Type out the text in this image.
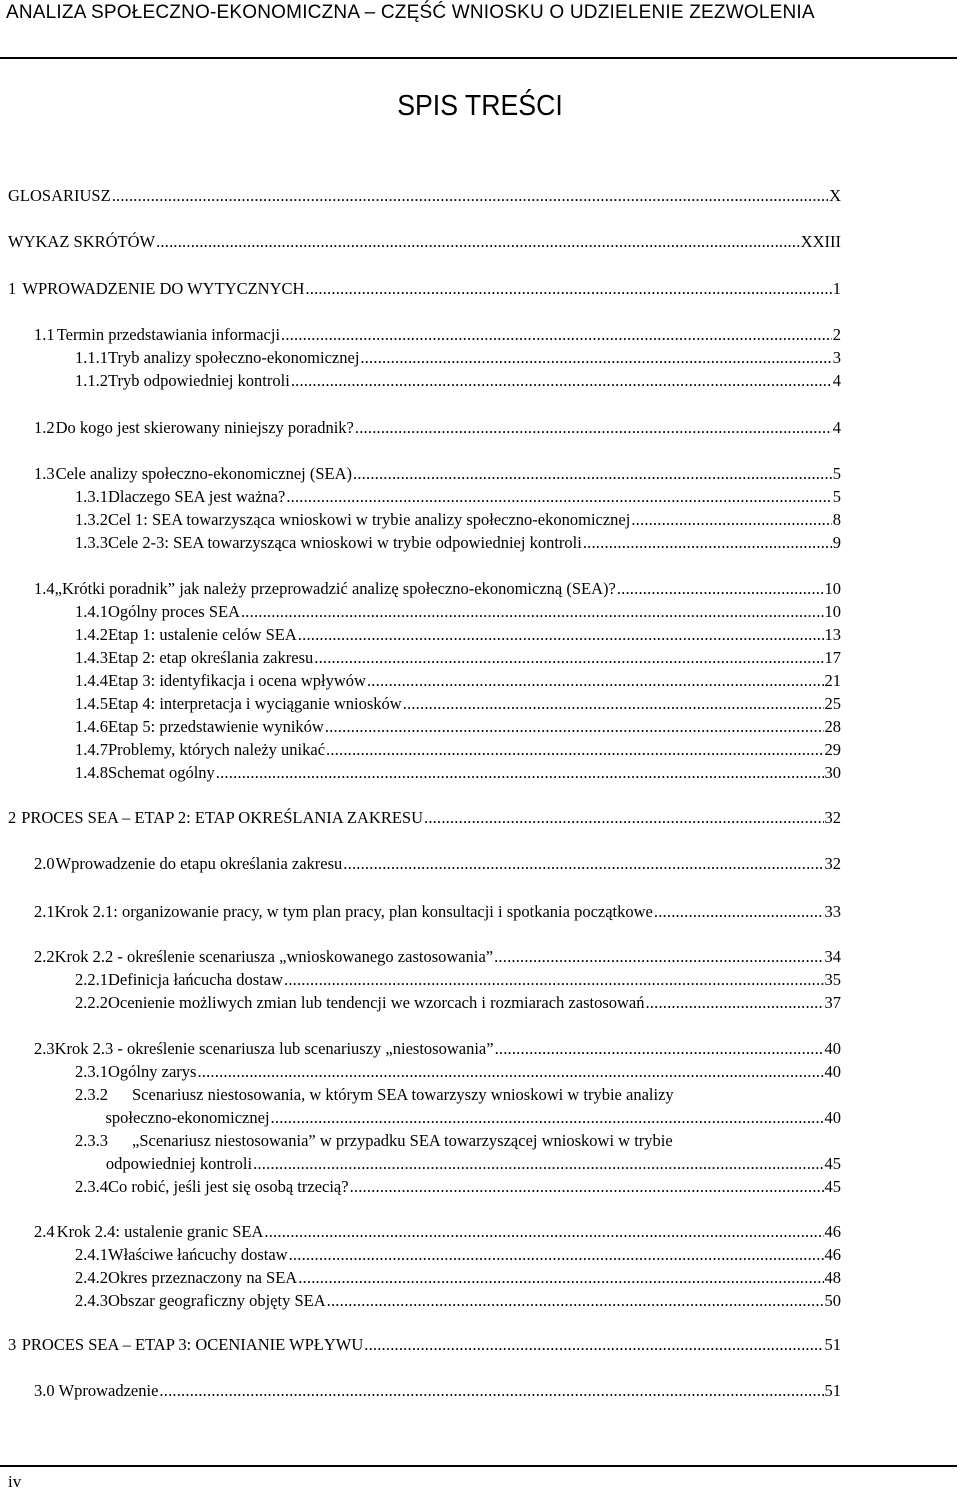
ANALIZA SPOŁECZNO-EKONOMICZNA – CZĘŚĆ WNIOSKU O UDZIELENIE ZEZWOLENIA
SPIS TREŚCI
GLOSARIUSZ .....	X
WYKAZ SKRÓTÓW .....	XXIII
1 WPROWADZENIE DO WYTYCZNYCH .....	1
1.1 Termin przedstawiania informacji .....	2
1.1.1 Tryb analizy społeczno-ekonomicznej .....	3
1.1.2 Tryb odpowiedniej kontroli .....	4
1.2 Do kogo jest skierowany niniejszy poradnik? .....	4
1.3 Cele analizy społeczno-ekonomicznej (SEA) .....	5
1.3.1 Dlaczego SEA jest ważna? .....	5
1.3.2 Cel 1: SEA towarzysząca wnioskowi w trybie analizy społeczno-ekonomicznej .....	8
1.3.3 Cele 2-3: SEA towarzysząca wnioskowi w trybie odpowiedniej kontroli .....	9
1.4 „Krótki poradnik” jak należy przeprowadzić analizę społeczno-ekonomiczną (SEA)? .....	10
1.4.1 Ogólny proces SEA .....	10
1.4.2 Etap 1: ustalenie celów SEA .....	13
1.4.3 Etap 2: etap określania zakresu .....	17
1.4.4 Etap 3: identyfikacja i ocena wpływów .....	21
1.4.5 Etap 4: interpretacja i wyciąganie wniosków .....	25
1.4.6 Etap 5: przedstawienie wyników .....	28
1.4.7 Problemy, których należy unikać .....	29
1.4.8 Schemat ogólny .....	30
2 PROCES SEA – ETAP 2: ETAP OKREŚLANIA ZAKRESU .....	32
2.0 Wprowadzenie do etapu określania zakresu .....	32
2.1 Krok 2.1: organizowanie pracy, w tym plan pracy, plan konsultacji i spotkania początkowe .....	33
2.2 Krok 2.2 - określenie scenariusza „wnioskowanego zastosowania” .....	34
2.2.1 Definicja łańcucha dostaw .....	35
2.2.2 Ocenienie możliwych zmian lub tendencji we wzorcach i rozmiarach zastosowań .....	37
2.3 Krok 2.3 - określenie scenariusza lub scenariuszy „niestosowania” .....	40
2.3.1 Ogólny zarys .....	40
2.3.2 Scenariusz niestosowania, w którym SEA towarzyszy wnioskowi w trybie analizy
społeczno-ekonomicznej .....	40
2.3.3 „Scenariusz niestosowania” w przypadku SEA towarzyszącej wnioskowi w trybie
odpowiedniej kontroli .....	45
2.3.4 Co robić, jeśli jest się osobą trzecią? .....	45
2.4 Krok 2.4: ustalenie granic SEA .....	46
2.4.1 Właściwe łańcuchy dostaw .....	46
2.4.2 Okres przeznaczony na SEA .....	48
2.4.3 Obszar geograficzny objęty SEA .....	50
3 PROCES SEA – ETAP 3: OCENIANIE WPŁYWU .....	51
3.0 Wprowadzenie .....	51
iv
